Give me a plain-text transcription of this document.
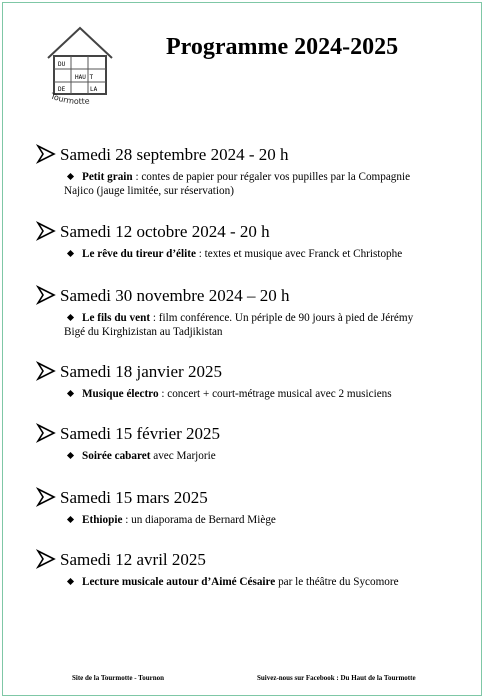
DU
HAU T
DE	LA
Tourmotte
Programme 2024-2025
Samedi 28 septembre 2024 - 20 h
Petit grain : contes de papier pour régaler vos pupilles par la Compagnie
Najico (jauge limitée, sur réservation)
Samedi 12 octobre 2024 - 20 h
Le rêve du tireur d’élite : textes et musique avec Franck et Christophe
Samedi 30 novembre 2024 – 20 h
Le fils du vent : film conférence. Un périple de 90 jours à pied de Jérémy
Bigé du Kirghizistan au Tadjikistan
Samedi 18 janvier 2025
Musique électro : concert + court-métrage musical avec 2 musiciens
Samedi 15 février 2025
Soirée cabaret avec Marjorie
Samedi 15 mars 2025
Ethiopie : un diaporama de Bernard Miège
Samedi 12 avril 2025
Lecture musicale autour d’Aimé Césaire par le théâtre du Sycomore
Site de la Tourmotte - Tournon	Suivez-nous sur Facebook : Du Haut de la Tourmotte
